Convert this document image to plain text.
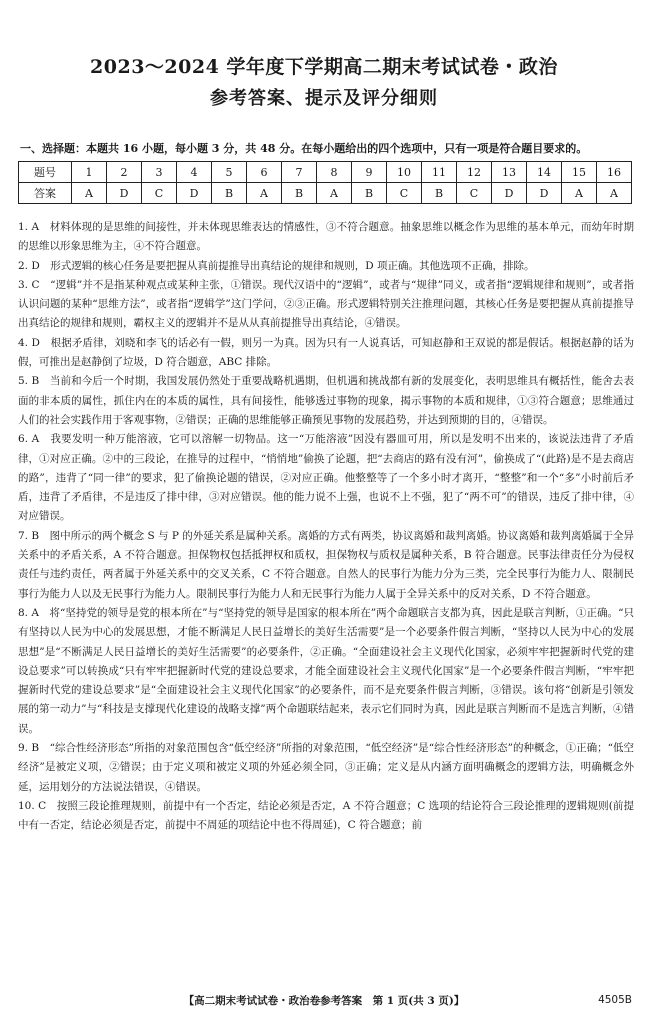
2023～2024 学年度下学期高二期末考试试卷・政治
参考答案、提示及评分细则
一、选择题：本题共 16 小题，每小题 3 分，共 48 分。在每小题给出的四个选项中，只有一项是符合题目要求的。
题号	1	2	3	4	5	6	7	8	9	10	11	12	13	14	15	16
答案	A	D	C	D	B	A	B	A	B	C	B	C	D	D	A	A

1. A　材料体现的是思维的间接性，并未体现思维表达的情感性，③不符合题意。抽象思维以概念作为思维的基本单元，而幼年时期的思维以形象思维为主，④不符合题意。

2. D　形式逻辑的核心任务是要把握从真前提推导出真结论的规律和规则，D 项正确。其他选项不正确，排除。

3. C　“逻辑”并不是指某种观点或某种主张，①错误。现代汉语中的“逻辑”，或者与“规律”同义，或者指“逻辑规律和规则”，或者指认识问题的某种“思维方法”，或者指“逻辑学”这门学问，②③正确。形式逻辑特别关注推理问题，其核心任务是要把握从真前提推导出真结论的规律和规则，霸权主义的逻辑并不是从从真前提推导出真结论，④错误。

4. D　根据矛盾律，刘晓和李飞的话必有一假，则另一为真。因为只有一人说真话，可知赵静和王双说的都是假话。根据赵静的话为假，可推出是赵静倒了垃圾，D 符合题意，ABC 排除。

5. B　当前和今后一个时期，我国发展仍然处于重要战略机遇期，但机遇和挑战都有新的发展变化，表明思维具有概括性，能舍去表面的非本质的属性，抓住内在的本质的属性，具有间接性，能够透过事物的现象，揭示事物的本质和规律，①③符合题意；思维通过人们的社会实践作用于客观事物，②错误；正确的思维能够正确预见事物的发展趋势，并达到预期的目的，④错误。

6. A　我要发明一种万能溶液，它可以溶解一切物品。这一“万能溶液”因没有器皿可用，所以是发明不出来的，该说法违背了矛盾律，①对应正确。②中的三段论，在推导的过程中，“悄悄地”偷换了论题，把“去商店的路有没有河”，偷换成了“(此路)是不是去商店的路”，违背了“同一律”的要求，犯了偷换论题的错误，②对应正确。他整整等了一个多小时才离开，“整整”和一个“多”小时前后矛盾，违背了矛盾律，不是违反了排中律，③对应错误。他的能力说不上强，也说不上不强，犯了“两不可”的错误，违反了排中律，④对应错误。

7. B　图中所示的两个概念 S 与 P 的外延关系是属种关系。离婚的方式有两类，协议离婚和裁判离婚。协议离婚和裁判离婚属于全异关系中的矛盾关系，A 不符合题意。担保物权包括抵押权和质权，担保物权与质权是属种关系，B 符合题意。民事法律责任分为侵权责任与违约责任，两者属于外延关系中的交叉关系，C 不符合题意。自然人的民事行为能力分为三类，完全民事行为能力人、限制民事行为能力人以及无民事行为能力人。限制民事行为能力人和无民事行为能力人属于全异关系中的反对关系，D 不符合题意。

8. A　将“坚持党的领导是党的根本所在”与“坚持党的领导是国家的根本所在”两个命题联言支都为真，因此是联言判断，①正确。“只有坚持以人民为中心的发展思想，才能不断满足人民日益增长的美好生活需要”是一个必要条件假言判断，“坚持以人民为中心的发展思想”是“不断满足人民日益增长的美好生活需要”的必要条件，②正确。“全面建设社会主义现代化国家，必须牢牢把握新时代党的建设总要求”可以转换成“只有牢牢把握新时代党的建设总要求，才能全面建设社会主义现代化国家”是一个必要条件假言判断，“牢牢把握新时代党的建设总要求”是“全面建设社会主义现代化国家”的必要条件，而不是充要条件假言判断，③错误。该句将“创新是引领发展的第一动力”与“科技是支撑现代化建设的战略支撑”两个命题联结起来，表示它们同时为真，因此是联言判断而不是选言判断，④错误。

9. B　“综合性经济形态”所指的对象范围包含“低空经济”所指的对象范围，“低空经济”是“综合性经济形态”的种概念，①正确；“低空经济”是被定义项，②错误；由于定义项和被定义项的外延必须全同，③正确；定义是从内涵方面明确概念的逻辑方法，明确概念外延，运用划分的方法说法错误，④错误。

10. C　按照三段论推理规则，前提中有一个否定，结论必须是否定，A 不符合题意；C 选项的结论符合三段论推理的逻辑规则(前提中有一否定，结论必须是否定，前提中不周延的项结论中也不得周延)，C 符合题意；前

【高二期末考试试卷・政治卷参考答案　第 1 页(共 3 页)】	4505B
